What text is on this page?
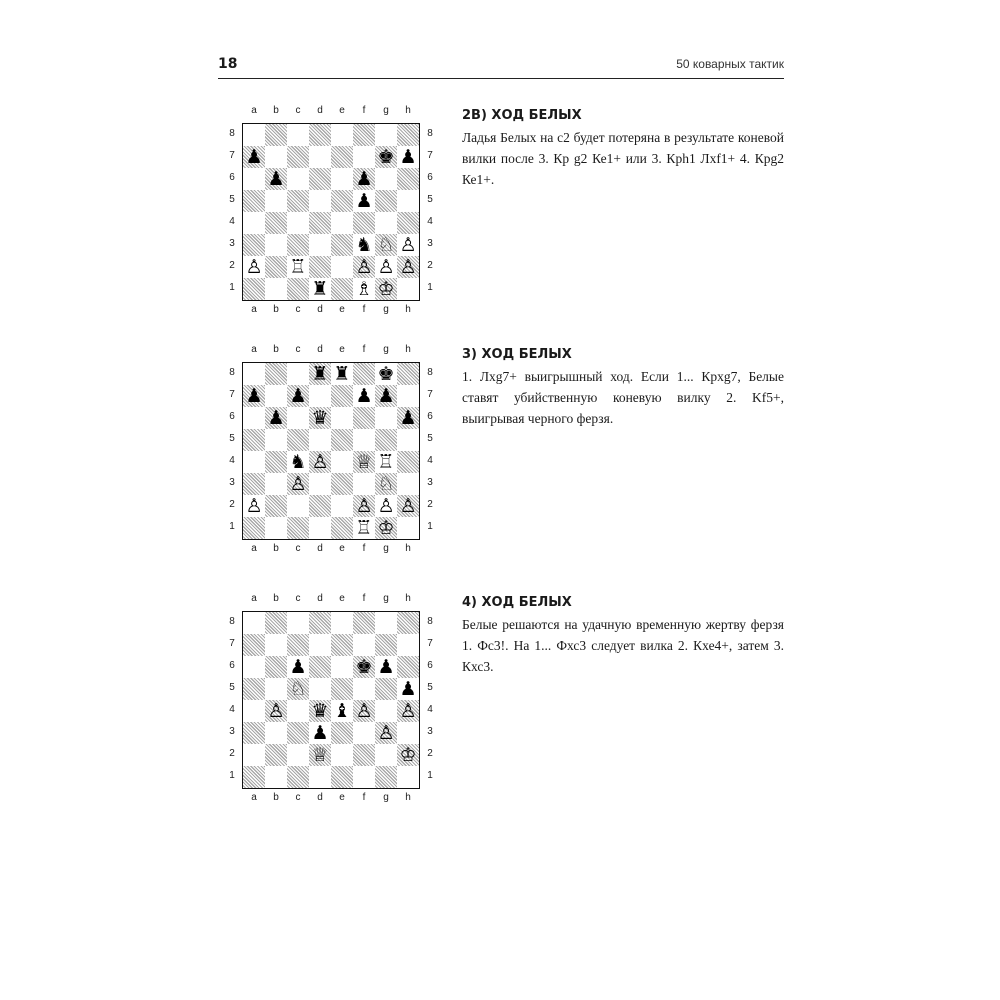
18	50 коварных тактик
a
a
b
b
c
c
d
d
e
e
f
f
g
g
h
h
8	8
7	7
6	6
5	5
4	4
3	3
2	2
1	1
♟	♚ ♟
♟	♟
♟
♞ ♘ ♙
♙ ♖	♙ ♙ ♙
♜ ♗ ♔
2В) ХОД БЕЛЫХ

Ладья Белых на с2 будет потеряна в результате коневой вилки после 3. Кр g2 Ке1+ или 3. Крh1 Лхf1+ 4. Крg2 Ке1+.

a
a
b
b
c
c
d
d
e
e
f
f
g
g
h
h
8	8
7	7
6	6
5	5
4	4
3	3
2	2
1	1
♜ ♜ ♚
♟ ♟	♟ ♟
♟ ♛	♟
♞ ♙ ♕ ♖
♙	♘
♙	♙ ♙ ♙
♖ ♔
3) ХОД БЕЛЫХ

1. Лхg7+ выигрышный ход. Если 1... Крхg7, Белые ставят убийственную коневую вилку 2. Kf5+, выигрывая черного ферзя.

a
a
b
b
c
c
d
d
e
e
f
f
g
g
h
h
8	8
7	7
6	6
5	5
4	4
3	3
2	2
1	1
♟	♚ ♟
♘	♟
♙ ♛ ♝ ♙ ♙
♟	♙
♕	♔
4) ХОД БЕЛЫХ

Белые решаются на удачную временную жертву ферзя 1. Фс3!. На 1... Фхс3 следует вилка 2. Кхе4+, затем 3. Кхс3.
